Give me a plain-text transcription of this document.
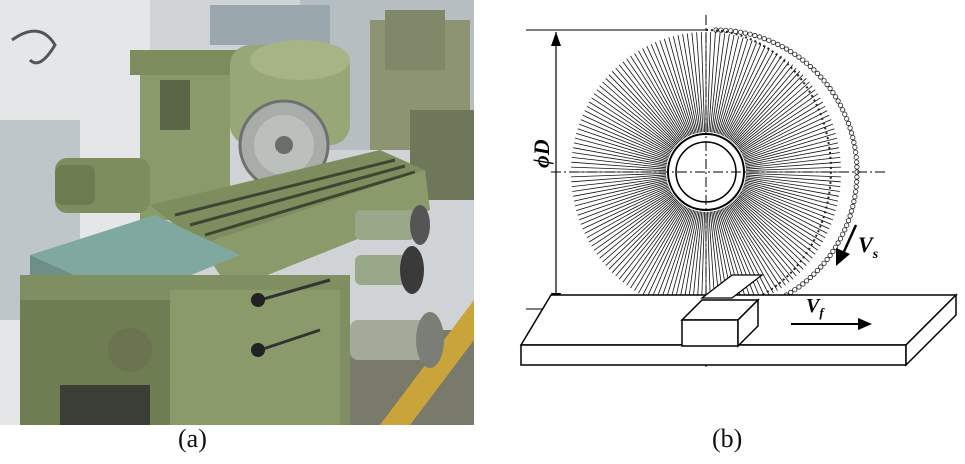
(a)
ϕD
$V_s$
$V_f$
(b)
